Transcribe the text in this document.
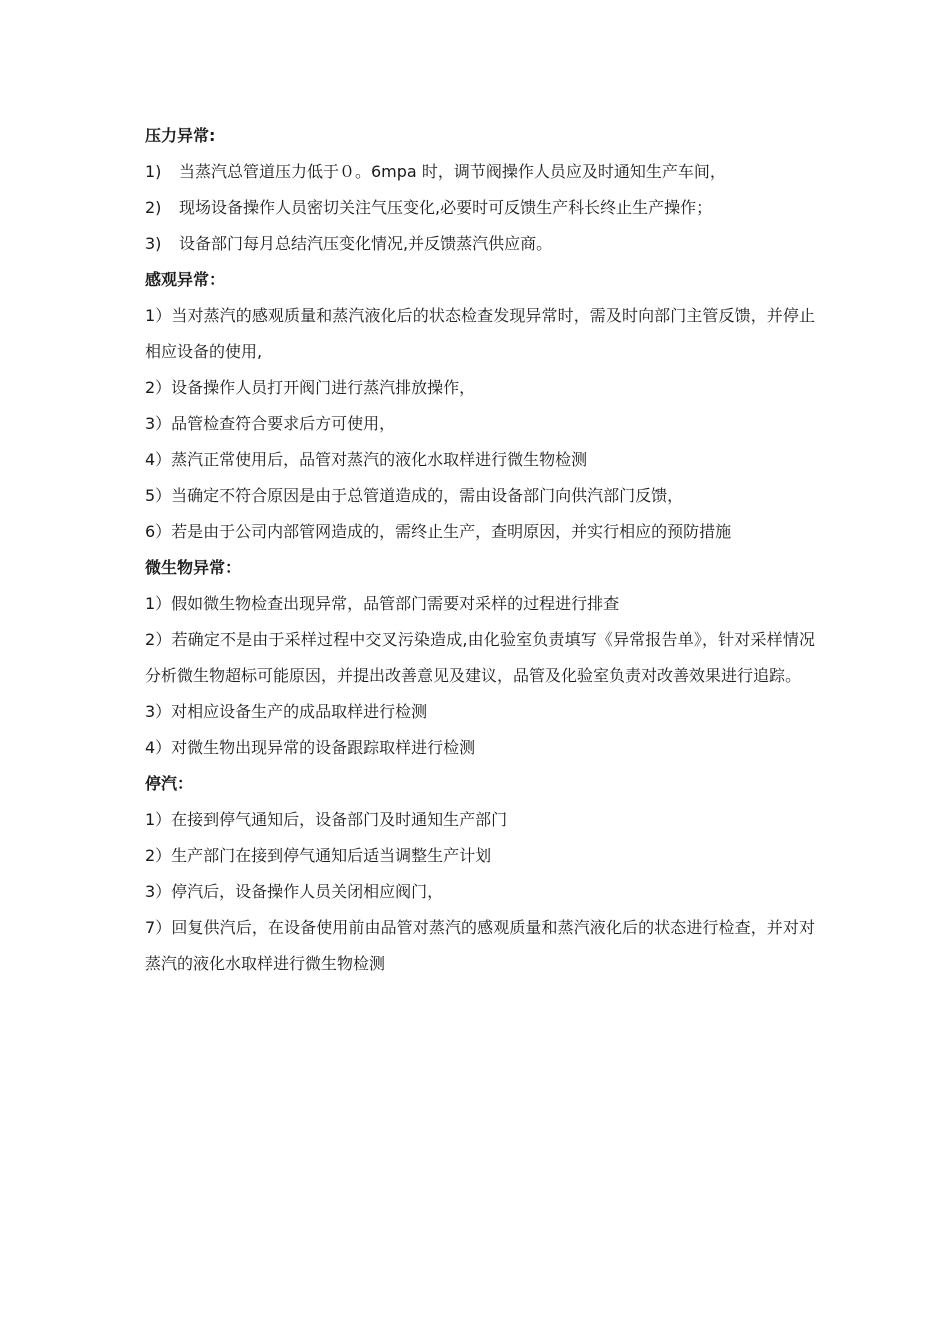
压力异常:

1) 当蒸汽总管道压力低于０。6mpa 时，调节阀操作人员应及时通知生产车间，

2) 现场设备操作人员密切关注气压变化,必要时可反馈生产科长终止生产操作；

3) 设备部门每月总结汽压变化情况,并反馈蒸汽供应商。

感观异常：

1）当对蒸汽的感观质量和蒸汽液化后的状态检查发现异常时，需及时向部门主管反馈，并停止相应设备的使用,

2）设备操作人员打开阀门进行蒸汽排放操作，

3）品管检查符合要求后方可使用，

4）蒸汽正常使用后，品管对蒸汽的液化水取样进行微生物检测

5）当确定不符合原因是由于总管道造成的，需由设备部门向供汽部门反馈，

6）若是由于公司内部管网造成的，需终止生产，查明原因，并实行相应的预防措施

微生物异常：

1）假如微生物检查出现异常，品管部门需要对采样的过程进行排查

2）若确定不是由于采样过程中交叉污染造成,由化验室负责填写《异常报告单》，针对采样情况分析微生物超标可能原因，并提出改善意见及建议，品管及化验室负责对改善效果进行追踪。

3）对相应设备生产的成品取样进行检测

4）对微生物出现异常的设备跟踪取样进行检测

停汽：

1）在接到停气通知后，设备部门及时通知生产部门

2）生产部门在接到停气通知后适当调整生产计划

3）停汽后，设备操作人员关闭相应阀门，

7）回复供汽后，在设备使用前由品管对蒸汽的感观质量和蒸汽液化后的状态进行检查，并对对蒸汽的液化水取样进行微生物检测
